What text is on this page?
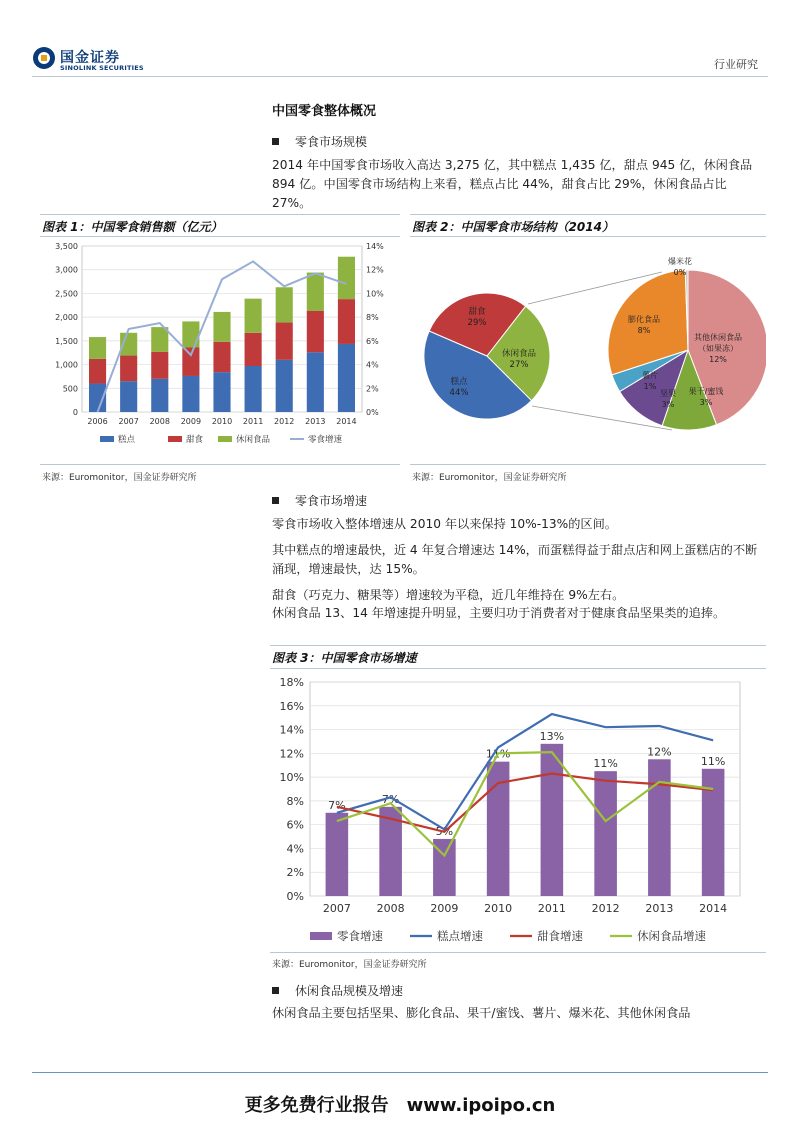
国金证券
SINOLINK SECURITIES	行业研究
中国零食整体概况
零食市场规模
2014 年中国零食市场收入高达 3,275 亿，其中糕点 1,435 亿，甜点 945 亿，休闲食品 894 亿。中国零食市场结构上来看，糕点占比 44%，甜食占比 29%，休闲食品占比 27%。
图表 1：中国零食销售额（亿元）
0
500
1,000
1,500
2,000
2,500
3,000
3,500
0%
2%
4%
6%
8%
10%
12%
14%
2006 2007 2008 2009 2010 2011 2012 2013 2014
糕点	甜食	休闲食品	零食增速
来源：Euromonitor，国金证券研究所
图表 2：中国零食市场结构（2014）
糕点
44%
甜食
29%
休闲食品
27%
其他休闲食品
（如果冻）
12%
果干/蜜饯
3%
坚果
3%
薯片
1%
膨化食品
8%
爆米花
0%
来源：Euromonitor，国金证券研究所
零食市场增速
零食市场收入整体增速从 2010 年以来保持 10%-13%的区间。
其中糕点的增速最快，近 4 年复合增速达 14%，而蛋糕得益于甜点店和网上蛋糕店的不断涌现，增速最快，达 15%。
甜食（巧克力、糖果等）增速较为平稳，近几年维持在 9%左右。
休闲食品 13、14 年增速提升明显，主要归功于消费者对于健康食品坚果类的追捧。
图表 3：中国零食市场增速
0%
2%
4%
6%
8%
10%
12%
14%
16%
18%
7%
2007
7%
2008
5%
2009
11%
2010
13%
2011
11%
2012
12%
2013
11%
2014
零食增速	糕点增速	甜食增速	休闲食品增速
来源：Euromonitor，国金证券研究所
休闲食品规模及增速
休闲食品主要包括坚果、膨化食品、果干/蜜饯、薯片、爆米花、其他休闲食品
更多免费行业报告　www.ipoipo.cn
